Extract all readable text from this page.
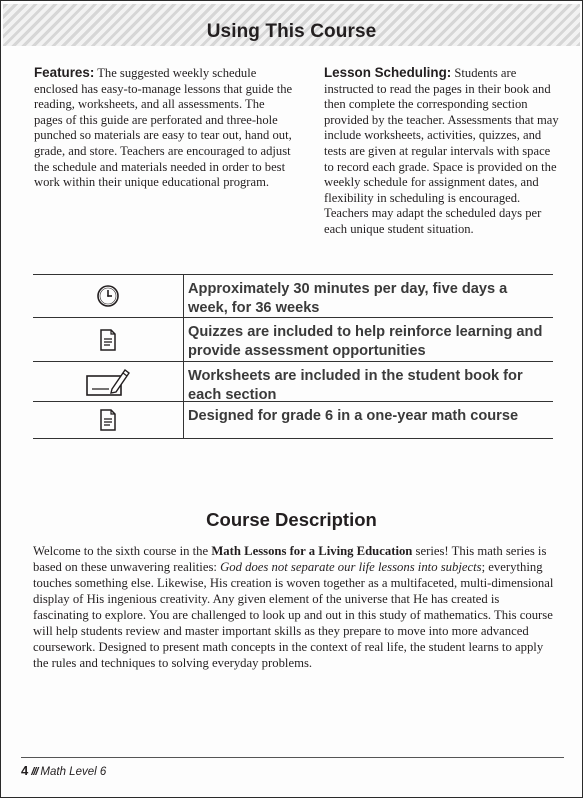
Using This Course
Features: The suggested weekly schedule enclosed has easy-to-manage lessons that guide the reading, worksheets, and all assessments. The pages of this guide are perforated and three-hole punched so materials are easy to tear out, hand out, grade, and store. Teachers are encouraged to adjust the schedule and materials needed in order to best work within their unique educational program.
Lesson Scheduling: Students are instructed to read the pages in their book and then complete the corresponding section provided by the teacher. Assessments that may include worksheets, activities, quizzes, and tests are given at regular intervals with space to record each grade. Space is provided on the weekly schedule for assignment dates, and flexibility in scheduling is encouraged. Teachers may adapt the scheduled days per each unique student situation.
Approximately 30 minutes per day, five days a week, for 36 weeks
Quizzes are included to help reinforce learning and provide assessment opportunities
Worksheets are included in the student book for each section
Designed for grade 6 in a one-year math course
Course Description
Welcome to the sixth course in the Math Lessons for a Living Education series! This math series is based on these unwavering realities: God does not separate our life lessons into subjects; everything touches something else. Likewise, His creation is woven together as a multifaceted, multi-dimensional display of His ingenious creativity. Any given element of the universe that He has created is fascinating to explore. You are challenged to look up and out in this study of mathematics. This course will help students review and master important skills as they prepare to move into more advanced coursework. Designed to present math concepts in the context of real life, the student learns to apply the rules and techniques to solving everyday problems.
4 /// Math Level 6
